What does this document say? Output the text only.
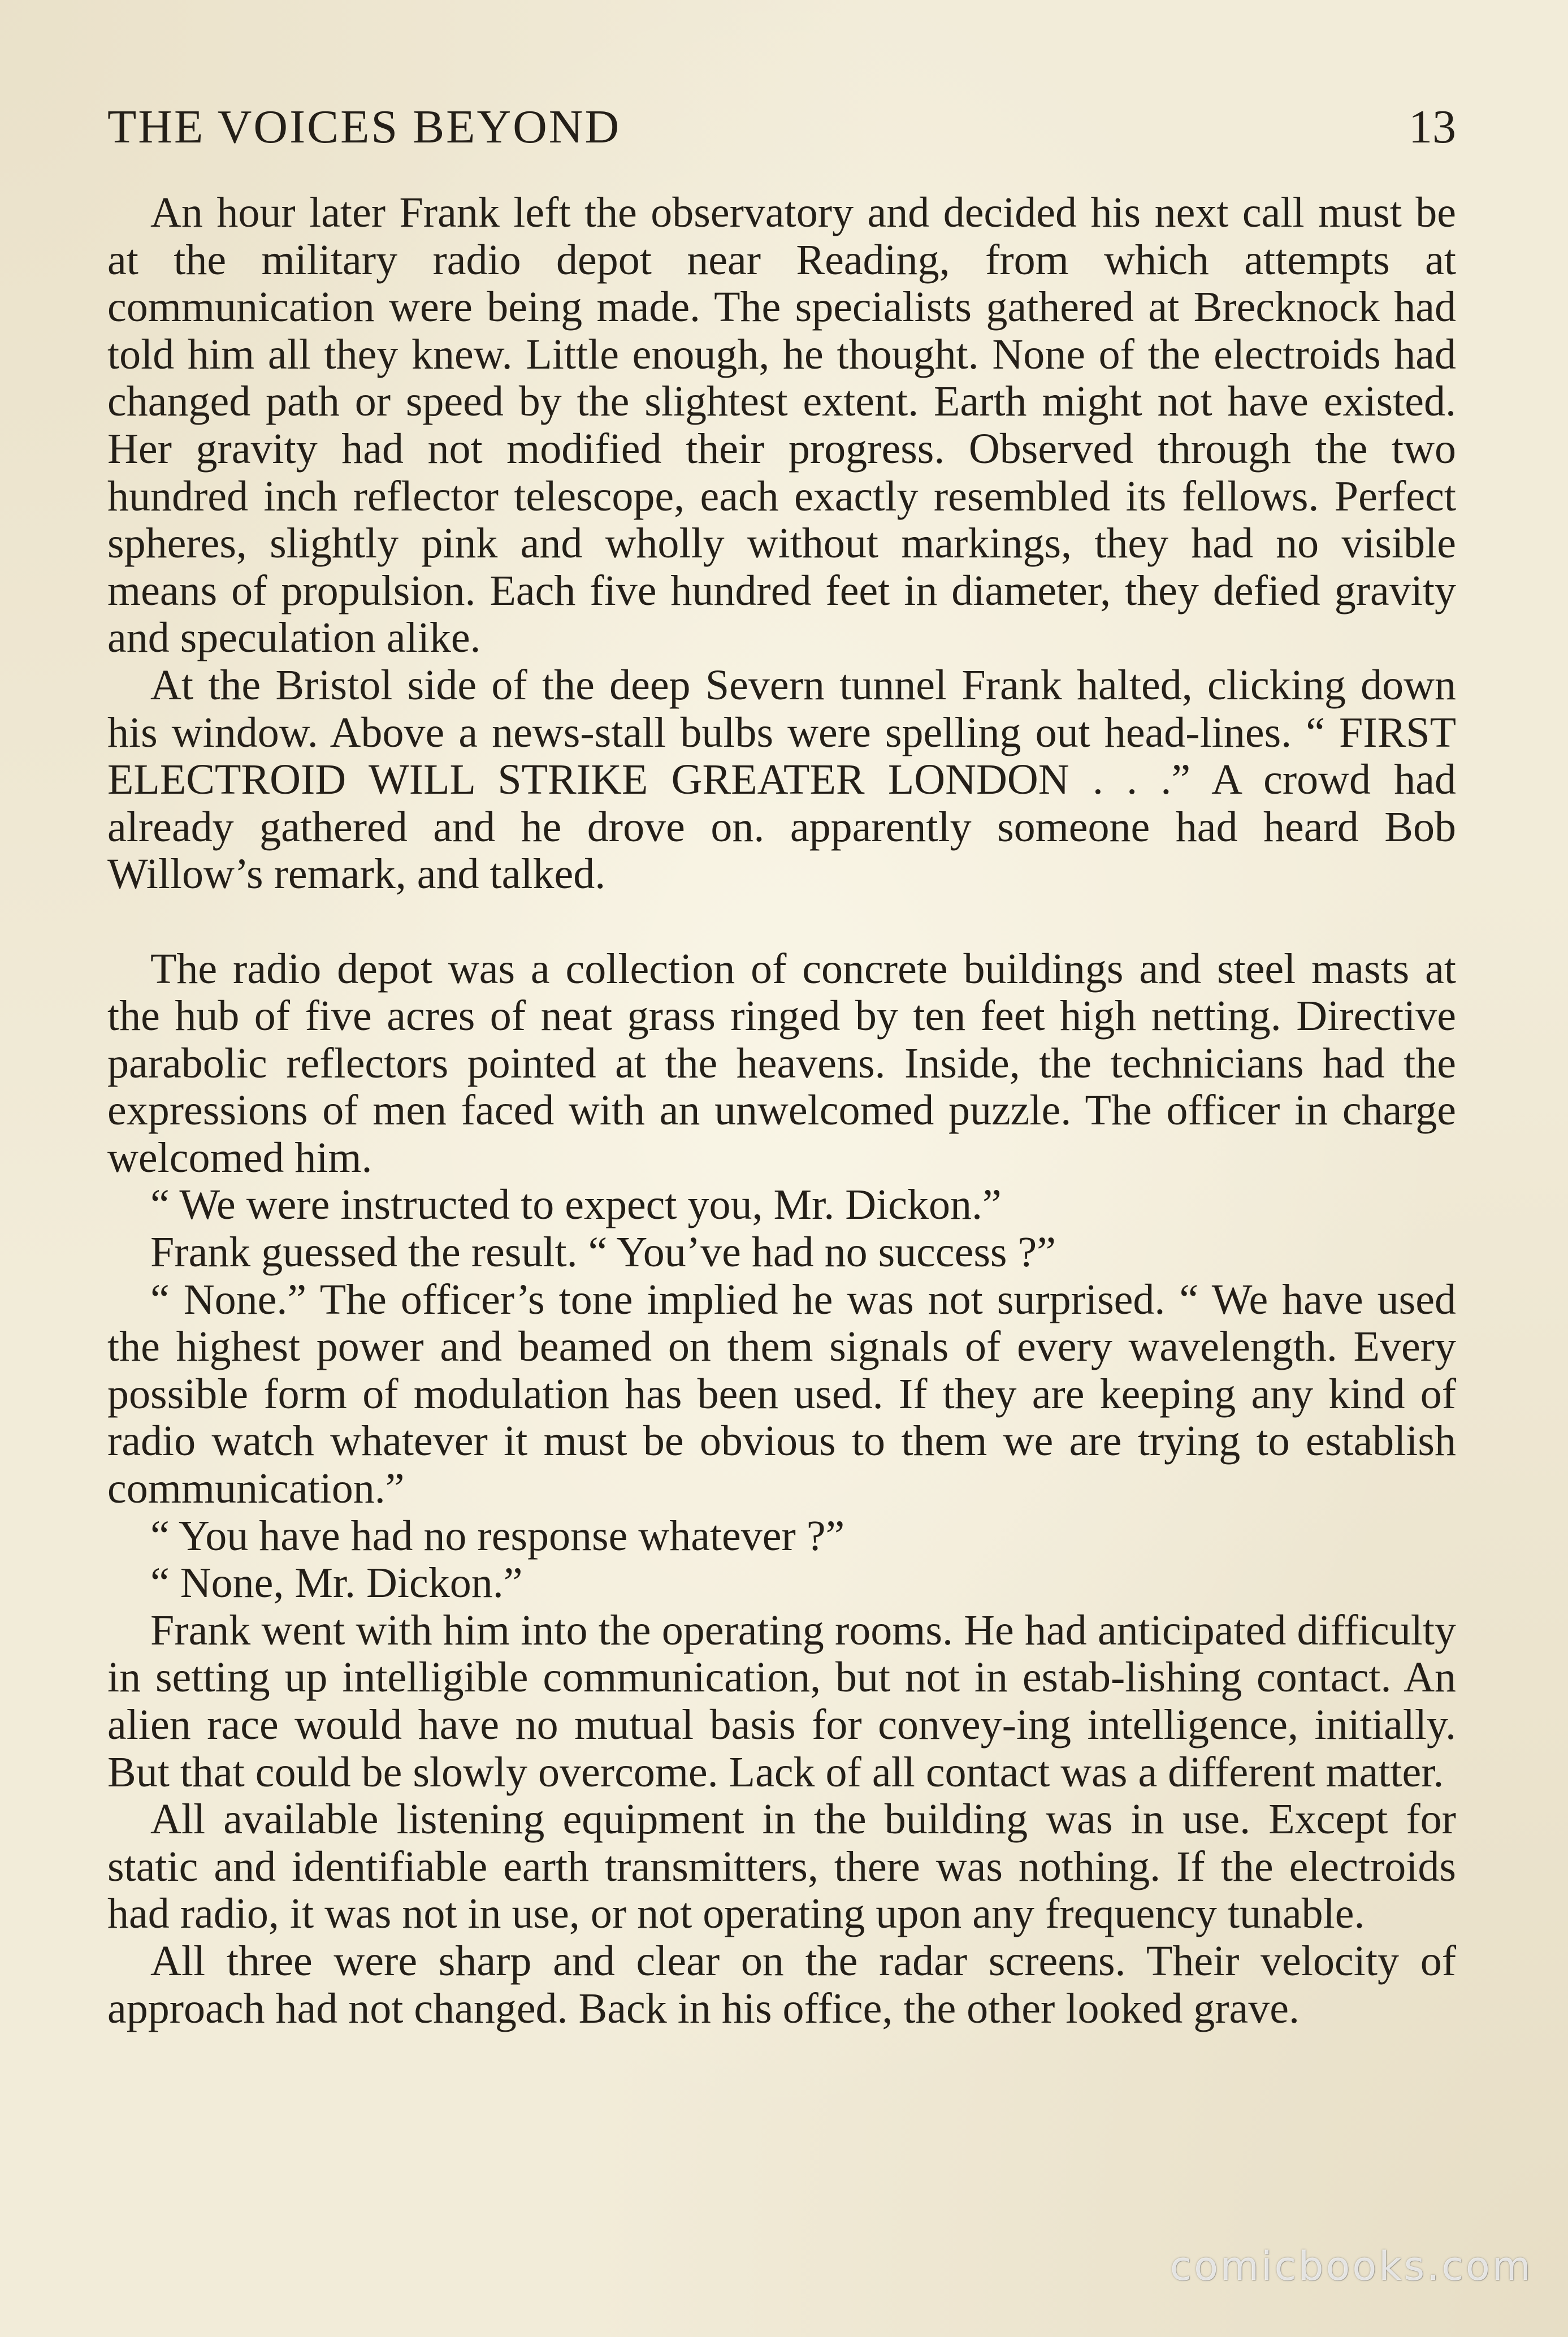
THE VOICES BEYOND	13

An hour later Frank left the observatory and decided his next call must be at the military radio depot near Reading, from which attempts at communication were being made. The specialists gathered at Brecknock had told him all they knew. Little enough, he thought. None of the electroids had changed path or speed by the slightest extent. Earth might not have existed. Her gravity had not modified their progress. Observed through the two hundred inch reflector telescope, each exactly resembled its fellows. Perfect spheres, slightly pink and wholly without markings, they had no visible means of propulsion. Each five hundred feet in diameter, they defied gravity and speculation alike.

At the Bristol side of the deep Severn tunnel Frank halted, clicking down his window. Above a news-stall bulbs were spelling out head-lines. “ FIRST ELECTROID WILL STRIKE GREATER LONDON . . .” A crowd had already gathered and he drove on. apparently someone had heard Bob Willow’s remark, and talked.

The radio depot was a collection of concrete buildings and steel masts at the hub of five acres of neat grass ringed by ten feet high netting. Directive parabolic reflectors pointed at the heavens. Inside, the technicians had the expressions of men faced with an unwelcomed puzzle. The officer in charge welcomed him.

“ We were instructed to expect you, Mr. Dickon.”

Frank guessed the result. “ You’ve had no success ?”

“ None.” The officer’s tone implied he was not surprised. “ We have used the highest power and beamed on them signals of every wavelength. Every possible form of modulation has been used. If they are keeping any kind of radio watch whatever it must be obvious to them we are trying to establish communication.”

“ You have had no response whatever ?”

“ None, Mr. Dickon.”

Frank went with him into the operating rooms. He had anticipated difficulty in setting up intelligible communication, but not in estab-lishing contact. An alien race would have no mutual basis for convey-ing intelligence, initially. But that could be slowly overcome. Lack of all contact was a different matter.

All available listening equipment in the building was in use. Except for static and identifiable earth transmitters, there was nothing. If the electroids had radio, it was not in use, or not operating upon any frequency tunable.

All three were sharp and clear on the radar screens. Their velocity of approach had not changed. Back in his office, the other looked grave.

comicbooks.com
